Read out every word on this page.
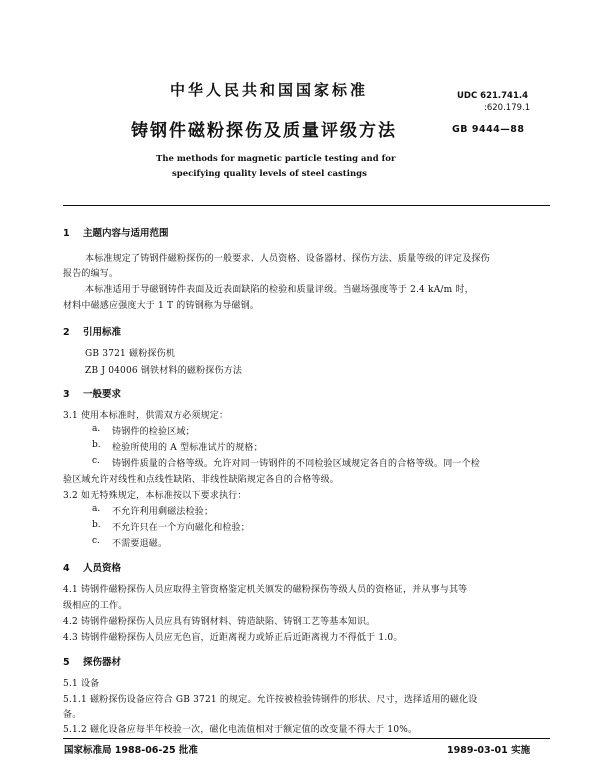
中华人民共和国国家标准	UDC 621.741.4
:620.179.1
铸钢件磁粉探伤及质量评级方法	GB 9444—88
The methods for magnetic particle testing and for
specifying quality levels of steel castings
1 主题内容与适用范围
本标准规定了铸钢件磁粉探伤的一般要求、人员资格、设备器材、探伤方法、质量等级的评定及探伤
报告的编写。
本标准适用于导磁钢铸件表面及近表面缺陷的检验和质量评级。当磁场强度等于 2.4 kA/m 时，
材料中磁感应强度大于 1 T 的铸钢称为导磁钢。
2 引用标准
GB 3721 磁粉探伤机
ZB J 04006 钢铁材料的磁粉探伤方法
3 一般要求
3.1 使用本标准时，供需双方必须规定：
a. 铸钢件的检验区域；
b. 检验所使用的 A 型标准试片的规格；
c. 铸钢件质量的合格等级。允许对同一铸钢件的不同检验区域规定各自的合格等级。同一个检
验区域允许对线性和点线性缺陷、非线性缺陷规定各自的合格等级。
3.2 如无特殊规定，本标准按以下要求执行：
a. 不允许利用剩磁法检验；
b. 不允许只在一个方向磁化和检验；
c. 不需要退磁。
4 人员资格
4.1 铸钢件磁粉探伤人员应取得主管资格鉴定机关颁发的磁粉探伤等级人员的资格证，并从事与其等
级相应的工作。
4.2 铸钢件磁粉探伤人员应具有铸钢材料、铸造缺陷、铸钢工艺等基本知识。
4.3 铸钢件磁粉探伤人员应无色盲，近距离视力或矫正后近距离视力不得低于 1.0。
5 探伤器材
5.1 设备
5.1.1 磁粉探伤设备应符合 GB 3721 的规定。允许按被检验铸钢件的形状、尺寸，选择适用的磁化设
备。
5.1.2 磁化设备应每半年校验一次，磁化电流值相对于额定值的改变量不得大于 10%。
国家标准局 1988-06-25 批准	1989-03-01 实施
